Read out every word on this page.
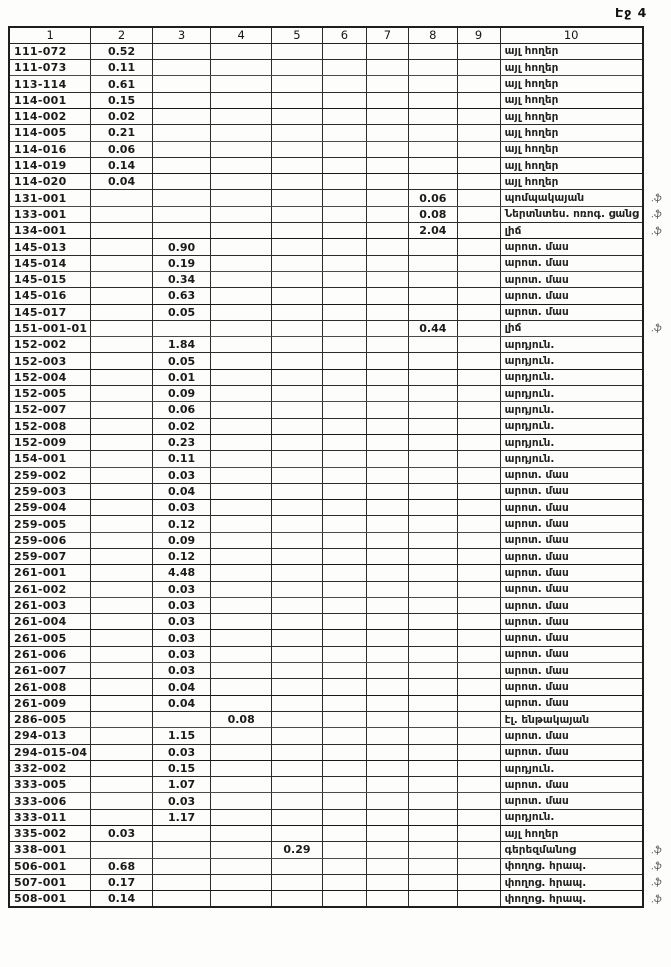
Էջ 4
1	2	3	4	5	6	7	8	9	10	
111-072	0.52								այլ հողեր	
111-073	0.11								այլ հողեր	
113-114	0.61								այլ հողեր	
114-001	0.15								այլ հողեր	
114-002	0.02								այլ հողեր	
114-005	0.21								այլ հողեր	
114-016	0.06								այլ հողեր	
114-019	0.14								այլ հողեր	
114-020	0.04								այլ հողեր	
131-001							0.06		պոմպակայան	.ֆ
133-001							0.08		Ներտնտես. ոռոգ. ցանց	.ֆ
134-001							2.04		լիճ	.ֆ
145-013		0.90							արոտ. մաս	
145-014		0.19							արոտ. մաս	
145-015		0.34							արոտ. մաս	
145-016		0.63							արոտ. մաս	
145-017		0.05							արոտ. մաս	
151-001-01							0.44		լիճ	.ֆ
152-002		1.84							արդյուն.	
152-003		0.05							արդյուն.	
152-004		0.01							արդյուն.	
152-005		0.09							արդյուն.	
152-007		0.06							արդյուն.	
152-008		0.02							արդյուն.	
152-009		0.23							արդյուն.	
154-001		0.11							արդյուն.	
259-002		0.03							արոտ. մաս	
259-003		0.04							արոտ. մաս	
259-004		0.03							արոտ. մաս	
259-005		0.12							արոտ. մաս	
259-006		0.09							արոտ. մաս	
259-007		0.12							արոտ. մաս	
261-001		4.48							արոտ. մաս	
261-002		0.03							արոտ. մաս	
261-003		0.03							արոտ. մաս	
261-004		0.03							արոտ. մաս	
261-005		0.03							արոտ. մաս	
261-006		0.03							արոտ. մաս	
261-007		0.03							արոտ. մաս	
261-008		0.04							արոտ. մաս	
261-009		0.04							արոտ. մաս	
286-005			0.08						էլ. ենթակայան	
294-013		1.15							արոտ. մաս	
294-015-04		0.03							արոտ. մաս	
332-002		0.15							արդյուն.	
333-005		1.07							արոտ. մաս	
333-006		0.03							արոտ. մաս	
333-011		1.17							արդյուն.	
335-002	0.03								այլ հողեր	
338-001				0.29					գերեզմանոց	.ֆ
506-001	0.68								փողոց. հրապ.	.ֆ
507-001	0.17								փողոց. հրապ.	.ֆ
508-001	0.14								փողոց. հրապ.	.ֆ
